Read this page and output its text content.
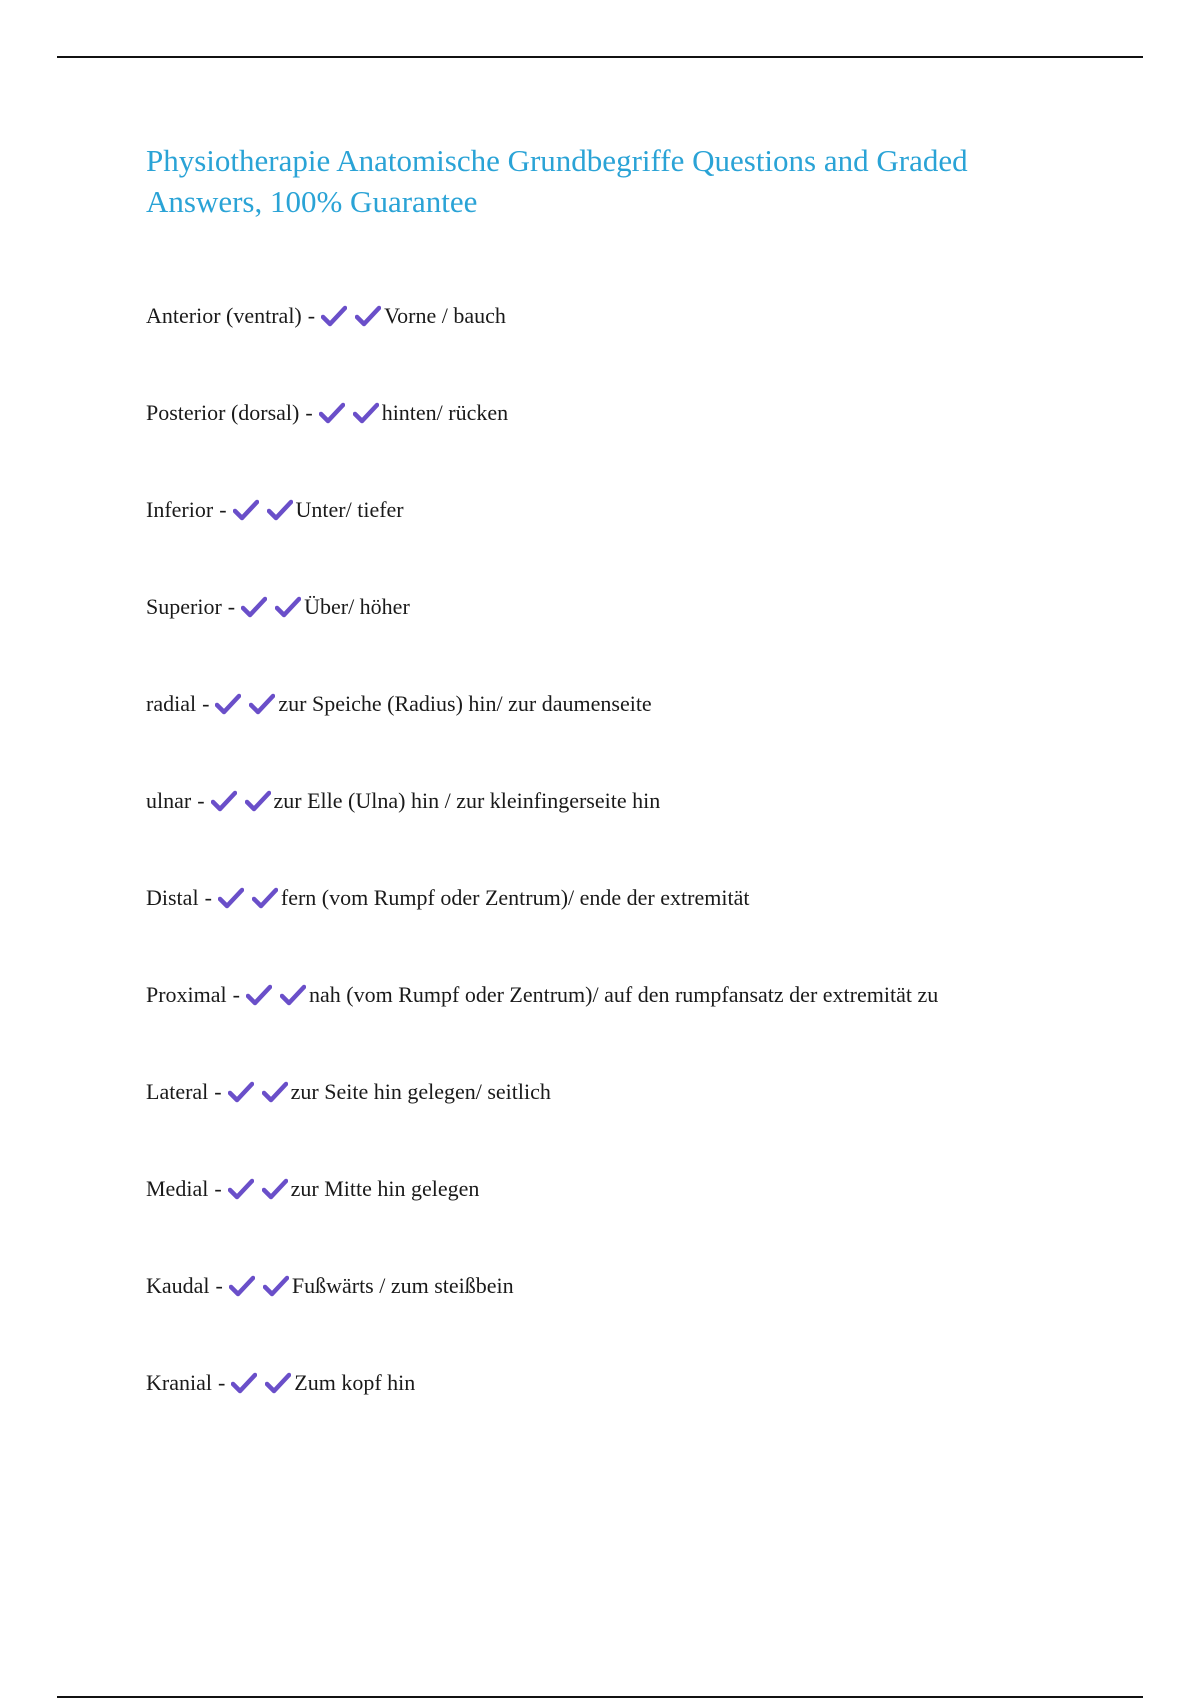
Physiotherapie Anatomische Grundbegriffe Questions and Graded Answers, 100% Guarantee
Anterior (ventral) -	Vorne / bauch
Posterior (dorsal) -	hinten/ rücken
Inferior -	Unter/ tiefer
Superior -	Über/ höher
radial -	zur Speiche (Radius) hin/ zur daumenseite
ulnar -	zur Elle (Ulna) hin / zur kleinfingerseite hin
Distal -	fern (vom Rumpf oder Zentrum)/ ende der extremität
Proximal -	nah (vom Rumpf oder Zentrum)/ auf den rumpfansatz der extremität zu
Lateral -	zur Seite hin gelegen/ seitlich
Medial -	zur Mitte hin gelegen
Kaudal -	Fußwärts / zum steißbein
Kranial -	Zum kopf hin
